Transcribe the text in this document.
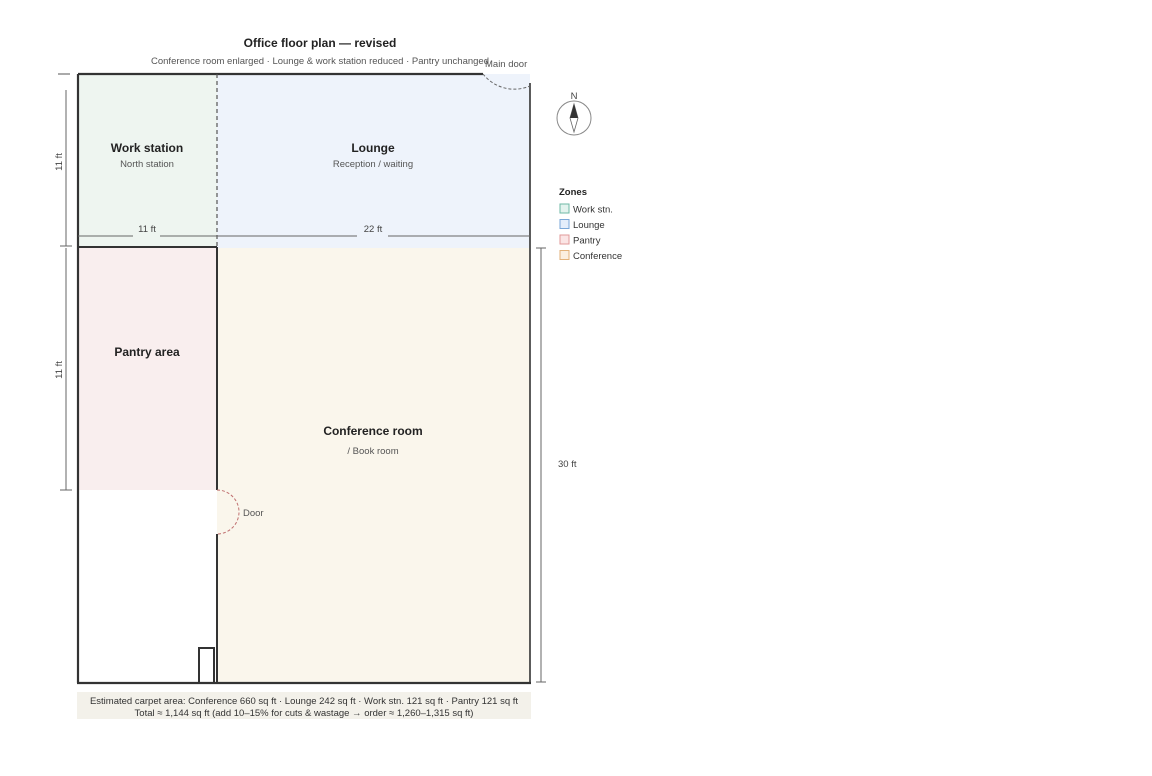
Office floor plan — revised
Conference room enlarged · Lounge & work station reduced · Pantry unchanged
Work station
North station
Lounge
Reception / waiting
Pantry area
Conference room
/ Book room
Main door
Door
11 ft	22 ft
11 ft
11 ft
30 ft
N
Zones
Work stn.
Lounge
Pantry
Conference
Estimated carpet area: Conference 660 sq ft · Lounge 242 sq ft · Work stn. 121 sq ft · Pantry 121 sq ft
Total ≈ 1,144 sq ft (add 10–15% for cuts & wastage → order ≈ 1,260–1,315 sq ft)
